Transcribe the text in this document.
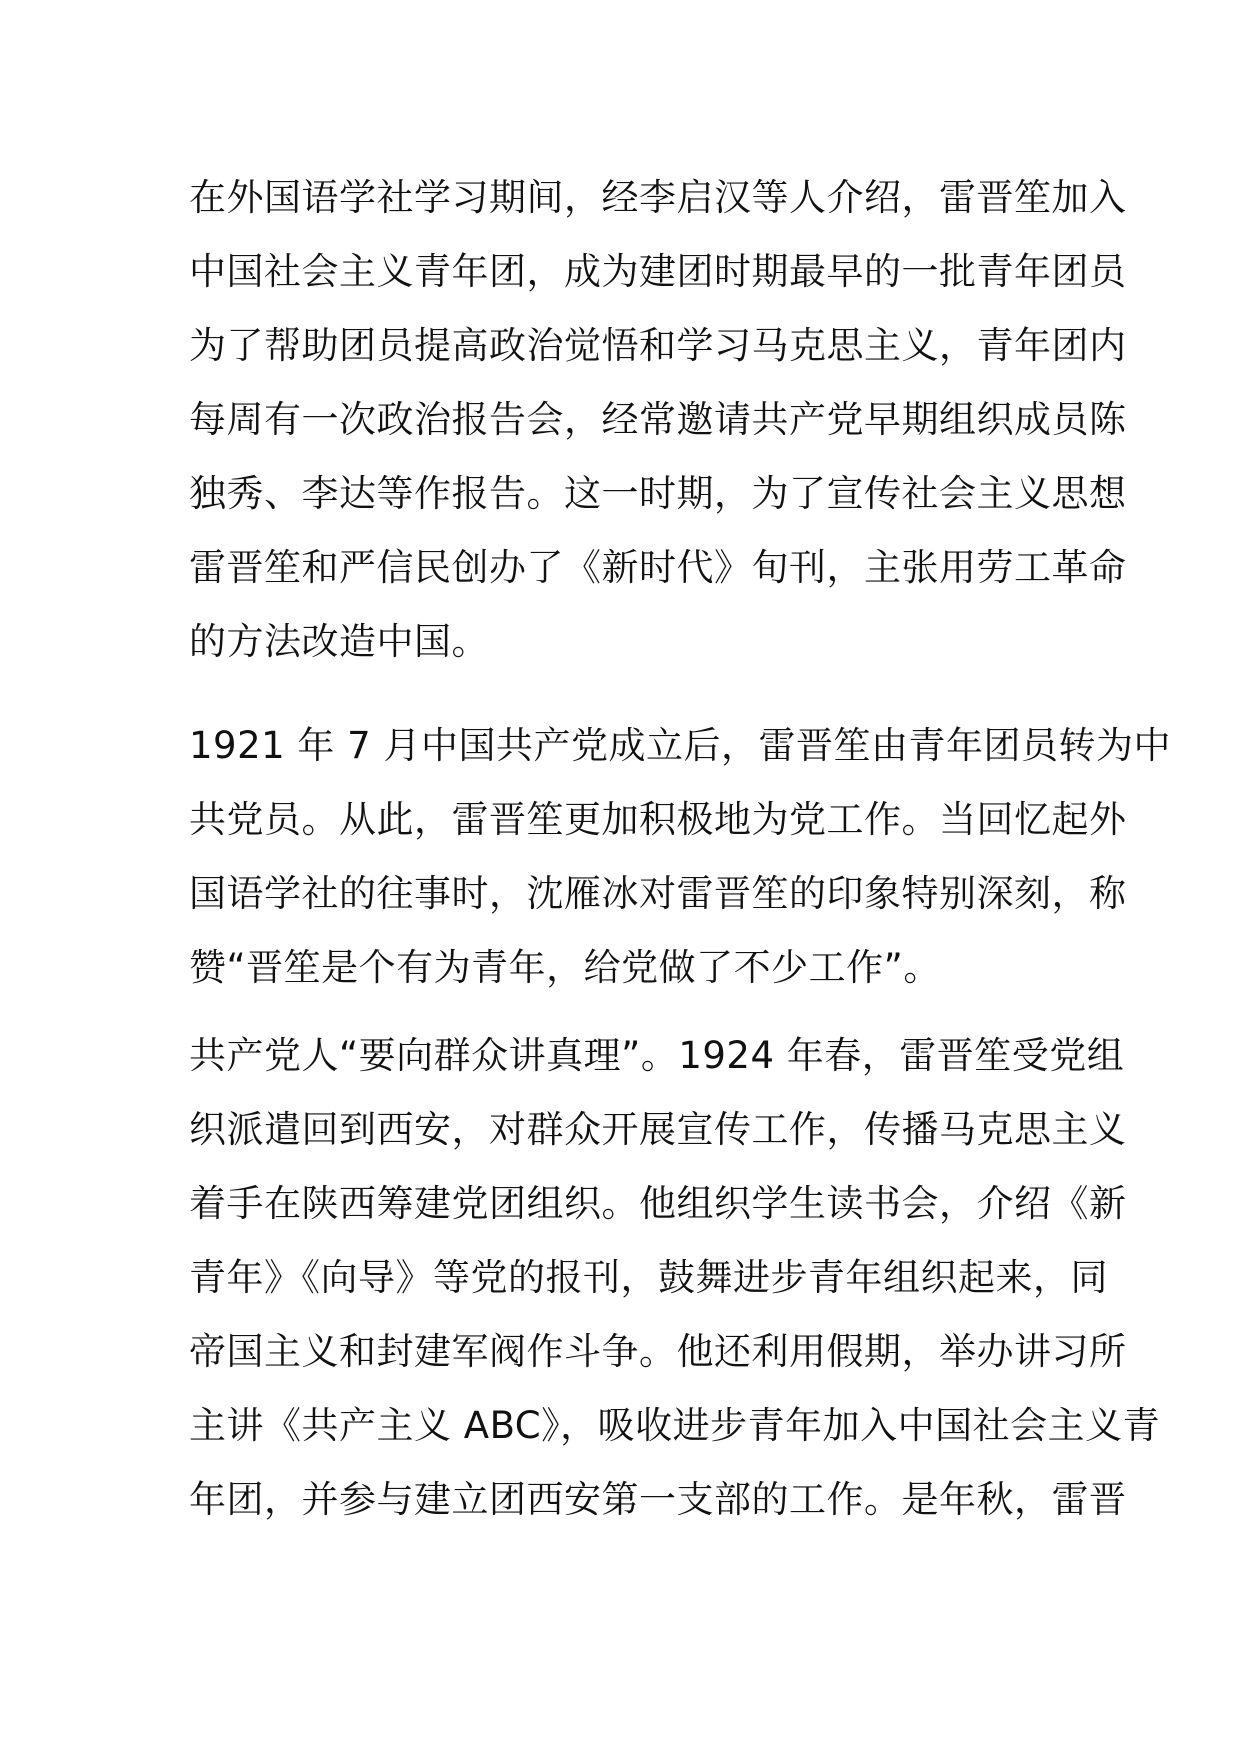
在外国语学社学习期间，经李启汉等人介绍，雷晋笙加入
中国社会主义青年团，成为建团时期最早的一批青年团员
为了帮助团员提高政治觉悟和学习马克思主义，青年团内
每周有一次政治报告会，经常邀请共产党早期组织成员陈
独秀、李达等作报告。这一时期，为了宣传社会主义思想
雷晋笙和严信民创办了《新时代》旬刊，主张用劳工革命
的方法改造中国。
1921 年 7 月中国共产党成立后，雷晋笙由青年团员转为中
共党员。从此，雷晋笙更加积极地为党工作。当回忆起外
国语学社的往事时，沈雁冰对雷晋笙的印象特别深刻，称
赞“晋笙是个有为青年，给党做了不少工作”。
共产党人“要向群众讲真理”。1924 年春，雷晋笙受党组
织派遣回到西安，对群众开展宣传工作，传播马克思主义
着手在陕西筹建党团组织。他组织学生读书会，介绍《新
青年》《向导》等党的报刊，鼓舞进步青年组织起来，同
帝国主义和封建军阀作斗争。他还利用假期，举办讲习所
主讲《共产主义 ABC》，吸收进步青年加入中国社会主义青
年团，并参与建立团西安第一支部的工作。是年秋，雷晋
